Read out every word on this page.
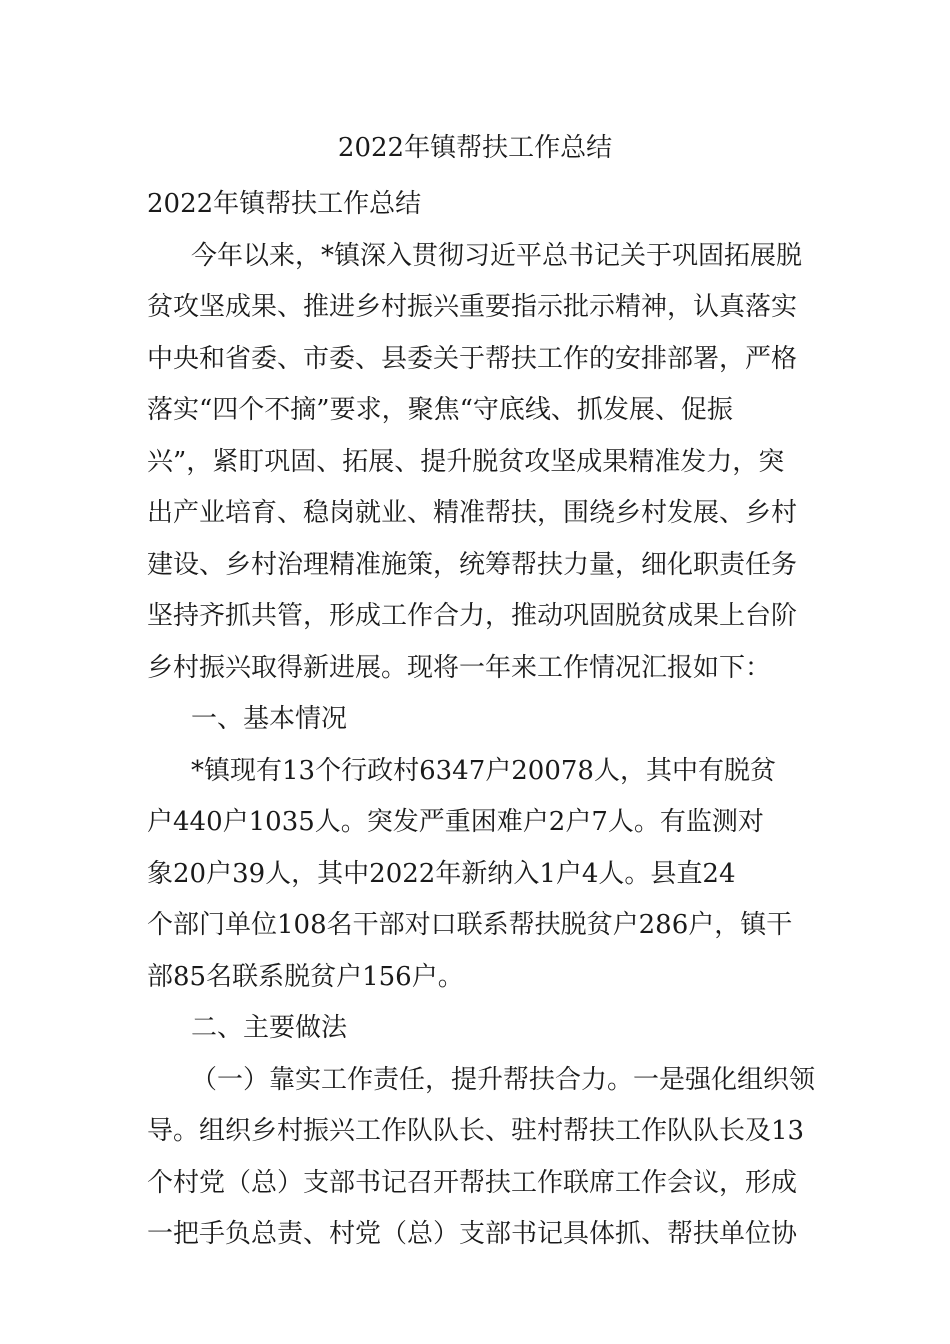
2022年镇帮扶工作总结

2022年镇帮扶工作总结

今年以来，*镇深入贯彻习近平总书记关于巩固拓展脱

贫攻坚成果、推进乡村振兴重要指示批示精神，认真落实

中央和省委、市委、县委关于帮扶工作的安排部署，严格

落实“四个不摘”要求，聚焦“守底线、抓发展、促振

兴”，紧盯巩固、拓展、提升脱贫攻坚成果精准发力，突

出产业培育、稳岗就业、精准帮扶，围绕乡村发展、乡村

建设、乡村治理精准施策，统筹帮扶力量，细化职责任务

坚持齐抓共管，形成工作合力，推动巩固脱贫成果上台阶

乡村振兴取得新进展。现将一年来工作情况汇报如下：

一、基本情况

*镇现有13个行政村6347户20078人，其中有脱贫

户440户1035人。突发严重困难户2户7人。有监测对

象20户39人，其中2022年新纳入1户4人。县直24

个部门单位108名干部对口联系帮扶脱贫户286户，镇干

部85名联系脱贫户156户。

二、主要做法

（一）靠实工作责任，提升帮扶合力。一是强化组织领

导。组织乡村振兴工作队队长、驻村帮扶工作队队长及13

个村党（总）支部书记召开帮扶工作联席工作会议，形成

一把手负总责、村党（总）支部书记具体抓、帮扶单位协
